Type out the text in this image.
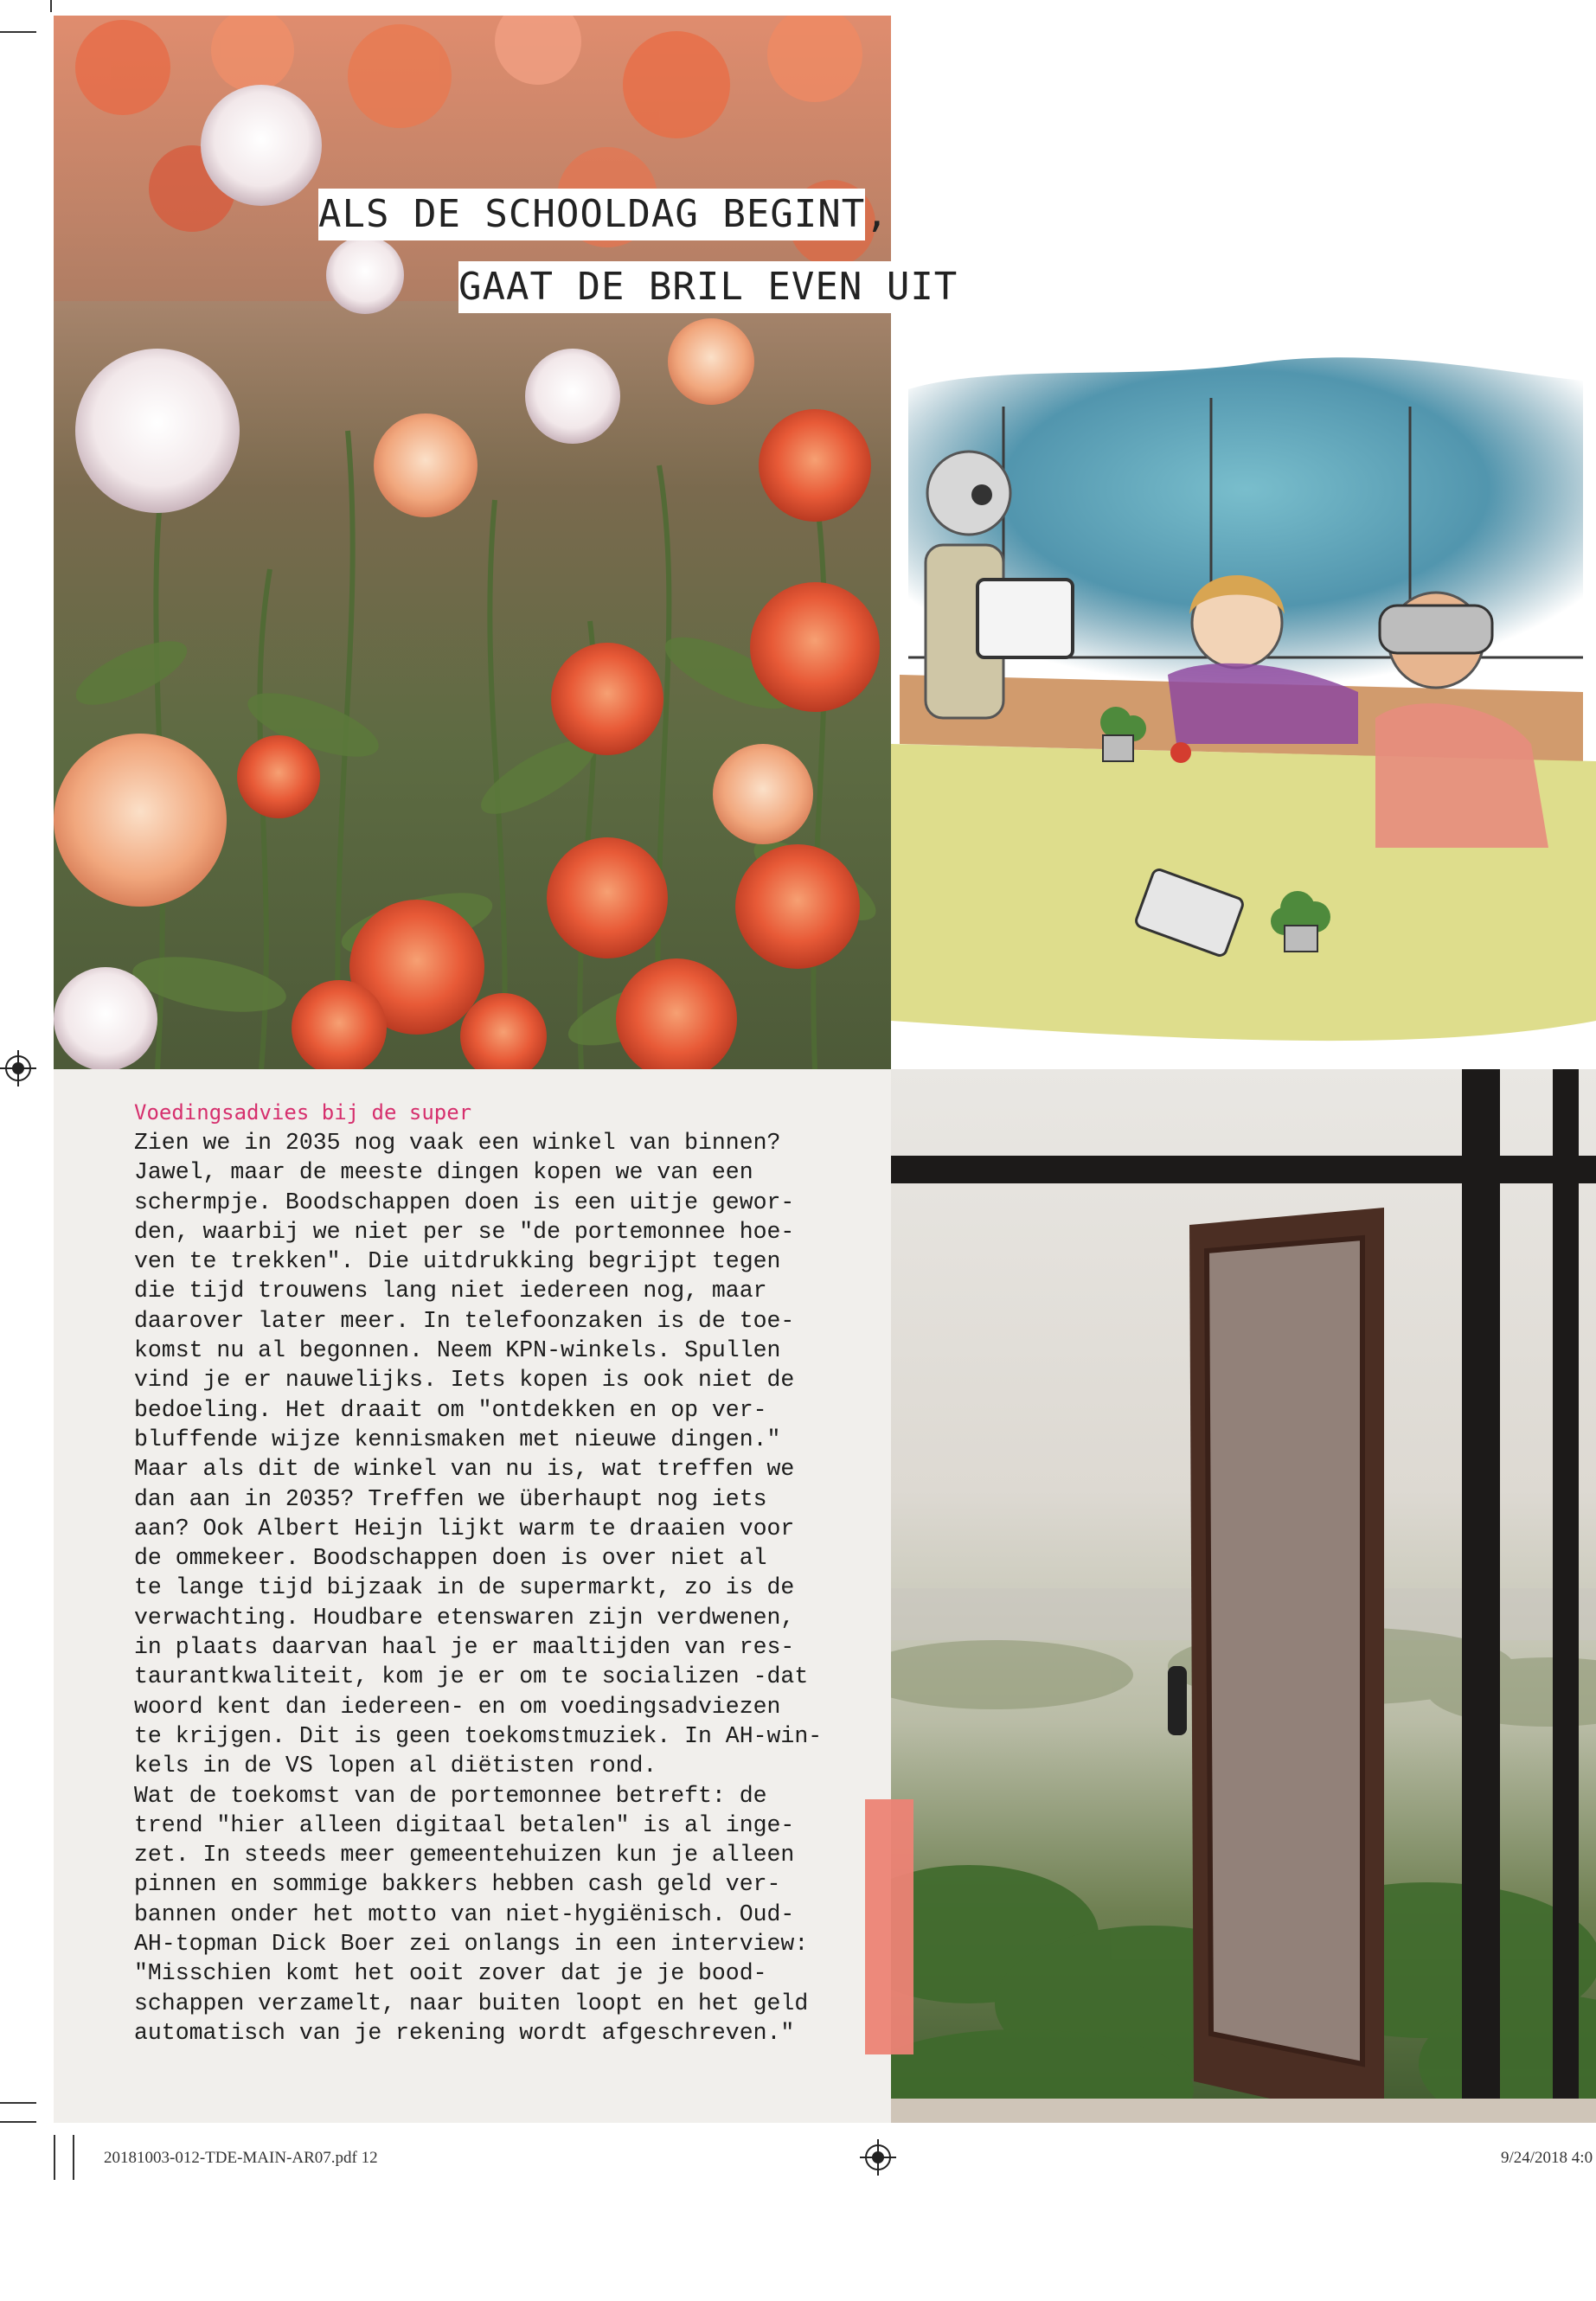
ALS DE SCHOOLDAG BEGINT,
GAAT DE BRIL EVEN UIT
Voedingsadvies bij de super
Zien we in 2035 nog vaak een winkel van binnen?
Jawel, maar de meeste dingen kopen we van een
schermpje. Boodschappen doen is een uitje gewor-
den, waarbij we niet per se "de portemonnee hoe-
ven te trekken". Die uitdrukking begrijpt tegen
die tijd trouwens lang niet iedereen nog, maar
daarover later meer. In telefoonzaken is de toe-
komst nu al begonnen. Neem KPN-winkels. Spullen
vind je er nauwelijks. Iets kopen is ook niet de
bedoeling. Het draait om "ontdekken en op ver-
bluffende wijze kennismaken met nieuwe dingen."
Maar als dit de winkel van nu is, wat treffen we
dan aan in 2035? Treffen we überhaupt nog iets
aan? Ook Albert Heijn lijkt warm te draaien voor
de ommekeer. Boodschappen doen is over niet al
te lange tijd bijzaak in de supermarkt, zo is de
verwachting. Houdbare etenswaren zijn verdwenen,
in plaats daarvan haal je er maaltijden van res-
taurantkwaliteit, kom je er om te socializen -dat
woord kent dan iedereen- en om voedingsadviezen
te krijgen. Dit is geen toekomstmuziek. In AH-win-
kels in de VS lopen al diëtisten rond.
Wat de toekomst van de portemonnee betreft: de
trend "hier alleen digitaal betalen" is al inge-
zet. In steeds meer gemeentehuizen kun je alleen
pinnen en sommige bakkers hebben cash geld ver-
bannen onder het motto van niet-hygiënisch. Oud-
AH-topman Dick Boer zei onlangs in een interview:
"Misschien komt het ooit zover dat je je bood-
schappen verzamelt, naar buiten loopt en het geld
automatisch van je rekening wordt afgeschreven."
20181003-012-TDE-MAIN-AR07.pdf 12	9/24/2018 4:0
